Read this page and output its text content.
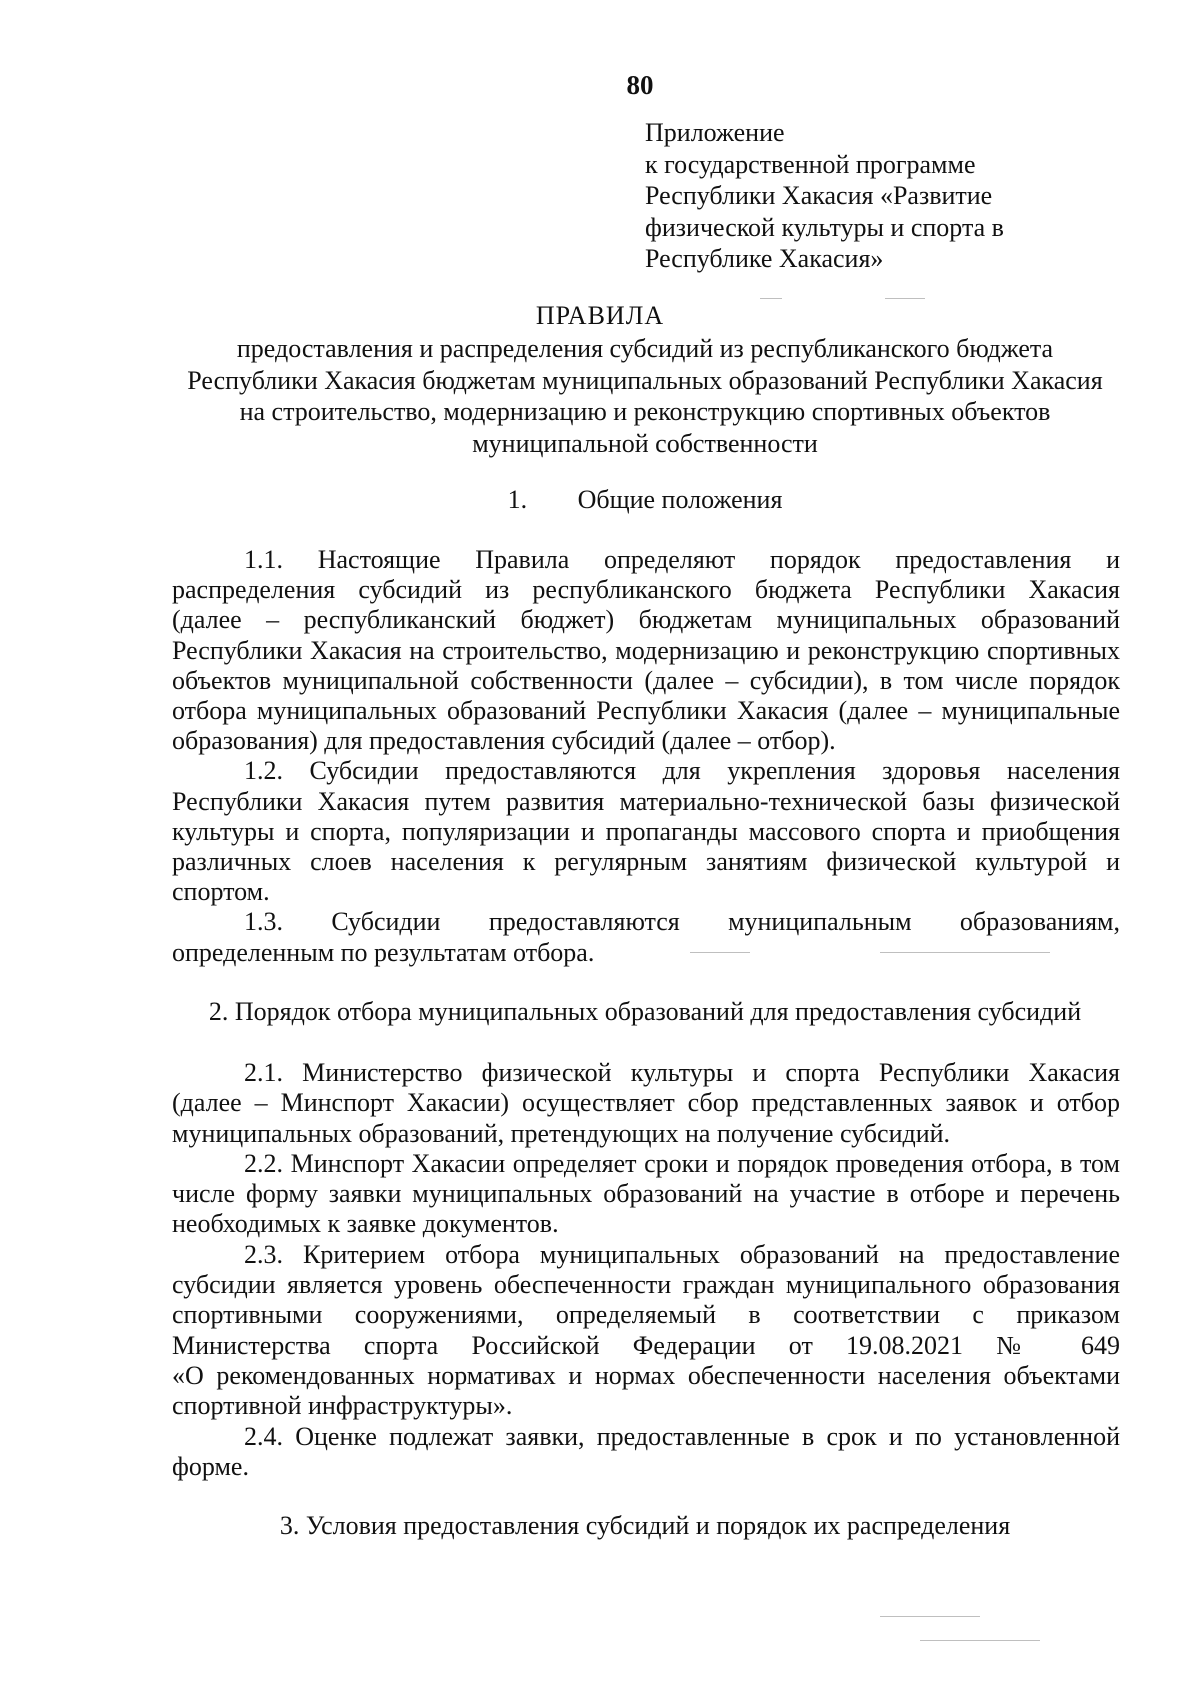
80
Приложение
к государственной программе
Республики Хакасия «Развитие
физической культуры и спорта в
Республике Хакасия»
ПРАВИЛА
предоставления и распределения субсидий из республиканского бюджета
Республики Хакасия бюджетам муниципальных образований Республики Хакасия
на строительство, модернизацию и реконструкцию спортивных объектов
муниципальной собственности
1. Общие положения
1.1. Настоящие Правила определяют порядок предоставления и
распределения субсидий из республиканского бюджета Республики Хакасия
(далее – республиканский бюджет) бюджетам муниципальных образований
Республики Хакасия на строительство, модернизацию и реконструкцию спортивных
объектов муниципальной собственности (далее – субсидии), в том числе порядок
отбора муниципальных образований Республики Хакасия (далее – муниципальные
образования) для предоставления субсидий (далее – отбор).
1.2. Субсидии предоставляются для укрепления здоровья населения
Республики Хакасия путем развития материально-технической базы физической
культуры и спорта, популяризации и пропаганды массового спорта и приобщения
различных слоев населения к регулярным занятиям физической культурой и
спортом.
1.3. Субсидии предоставляются муниципальным образованиям,
определенным по результатам отбора.
2. Порядок отбора муниципальных образований для предоставления субсидий
2.1. Министерство физической культуры и спорта Республики Хакасия
(далее – Минспорт Хакасии) осуществляет сбор представленных заявок и отбор
муниципальных образований, претендующих на получение субсидий.
2.2. Минспорт Хакасии определяет сроки и порядок проведения отбора, в том
числе форму заявки муниципальных образований на участие в отборе и перечень
необходимых к заявке документов.
2.3. Критерием отбора муниципальных образований на предоставление
субсидии является уровень обеспеченности граждан муниципального образования
спортивными сооружениями, определяемый в соответствии с приказом
Министерства спорта Российской Федерации от 19.08.2021 № 649
«О рекомендованных нормативах и нормах обеспеченности населения объектами
спортивной инфраструктуры».
2.4. Оценке подлежат заявки, предоставленные в срок и по установленной
форме.
3. Условия предоставления субсидий и порядок их распределения
